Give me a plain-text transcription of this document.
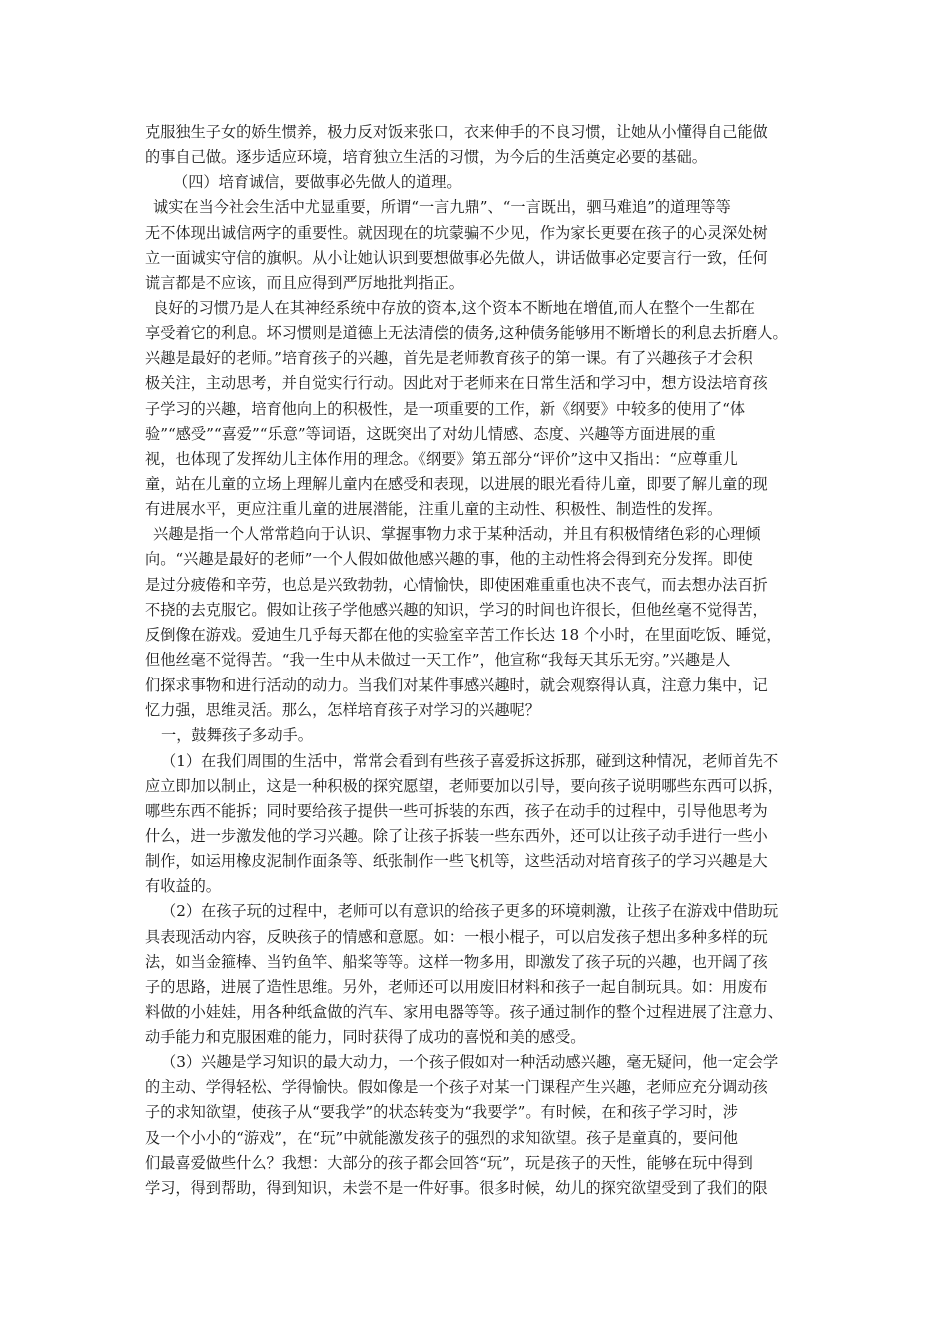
克服独生子女的娇生惯养，极力反对饭来张口，衣来伸手的不良习惯，让她从小懂得自己能做
的事自己做。逐步适应环境，培育独立生活的习惯，为今后的生活奠定必要的基础。
（四）培育诚信，要做事必先做人的道理。
诚实在当今社会生活中尤显重要，所谓“一言九鼎”、“一言既出，驷马难追”的道理等等
无不体现出诚信两字的重要性。就因现在的坑蒙骗不少见，作为家长更要在孩子的心灵深处树
立一面诚实守信的旗帜。从小让她认识到要想做事必先做人，讲话做事必定要言行一致，任何
谎言都是不应该，而且应得到严厉地批判指正。
良好的习惯乃是人在其神经系统中存放的资本,这个资本不断地在增值,而人在整个一生都在
享受着它的利息。坏习惯则是道德上无法清偿的债务,这种债务能够用不断增长的利息去折磨人。
兴趣是最好的老师。”培育孩子的兴趣，首先是老师教育孩子的第一课。有了兴趣孩子才会积
极关注，主动思考，并自觉实行行动。因此对于老师来在日常生活和学习中，想方设法培育孩
子学习的兴趣，培育他向上的积极性，是一项重要的工作，新《纲要》中较多的使用了“体
验”“感受”“喜爱”“乐意”等词语，这既突出了对幼儿情感、态度、兴趣等方面进展的重
视，也体现了发挥幼儿主体作用的理念。《纲要》第五部分“评价”这中又指出：“应尊重儿
童，站在儿童的立场上理解儿童内在感受和表现，以进展的眼光看待儿童，即要了解儿童的现
有进展水平，更应注重儿童的进展潜能，注重儿童的主动性、积极性、制造性的发挥。
兴趣是指一个人常常趋向于认识、掌握事物力求于某种活动，并且有积极情绪色彩的心理倾
向。“兴趣是最好的老师”一个人假如做他感兴趣的事，他的主动性将会得到充分发挥。即使
是过分疲倦和辛劳，也总是兴致勃勃，心情愉快，即使困难重重也决不丧气，而去想办法百折
不挠的去克服它。假如让孩子学他感兴趣的知识，学习的时间也许很长，但他丝毫不觉得苦，
反倒像在游戏。爱迪生几乎每天都在他的实验室辛苦工作长达 18 个小时，在里面吃饭、睡觉，
但他丝毫不觉得苦。“我一生中从未做过一天工作”，他宣称“我每天其乐无穷。”兴趣是人
们探求事物和进行活动的动力。当我们对某件事感兴趣时，就会观察得认真，注意力集中，记
忆力强，思维灵活。那么，怎样培育孩子对学习的兴趣呢？
一，鼓舞孩子多动手。
（1）在我们周围的生活中，常常会看到有些孩子喜爱拆这拆那，碰到这种情况，老师首先不
应立即加以制止，这是一种积极的探究愿望，老师要加以引导，要向孩子说明哪些东西可以拆，
哪些东西不能拆；同时要给孩子提供一些可拆装的东西，孩子在动手的过程中，引导他思考为
什么，进一步激发他的学习兴趣。除了让孩子拆装一些东西外，还可以让孩子动手进行一些小
制作，如运用橡皮泥制作面条等、纸张制作一些飞机等，这些活动对培育孩子的学习兴趣是大
有收益的。
（2）在孩子玩的过程中，老师可以有意识的给孩子更多的环境刺激，让孩子在游戏中借助玩
具表现活动内容，反映孩子的情感和意愿。如：一根小棍子，可以启发孩子想出多种多样的玩
法，如当金箍棒、当钓鱼竿、船桨等等。这样一物多用，即激发了孩子玩的兴趣，也开阔了孩
子的思路，进展了造性思维。另外，老师还可以用废旧材料和孩子一起自制玩具。如：用废布
料做的小娃娃，用各种纸盒做的汽车、家用电器等等。孩子通过制作的整个过程进展了注意力、
动手能力和克服困难的能力，同时获得了成功的喜悦和美的感受。
（3）兴趣是学习知识的最大动力，一个孩子假如对一种活动感兴趣，毫无疑问，他一定会学
的主动、学得轻松、学得愉快。假如像是一个孩子对某一门课程产生兴趣，老师应充分调动孩
子的求知欲望，使孩子从“要我学”的状态转变为“我要学”。有时候，在和孩子学习时，涉
及一个小小的“游戏”，在“玩”中就能激发孩子的强烈的求知欲望。孩子是童真的，要问他
们最喜爱做些什么？我想：大部分的孩子都会回答“玩”，玩是孩子的天性，能够在玩中得到
学习，得到帮助，得到知识，未尝不是一件好事。很多时候，幼儿的探究欲望受到了我们的限
